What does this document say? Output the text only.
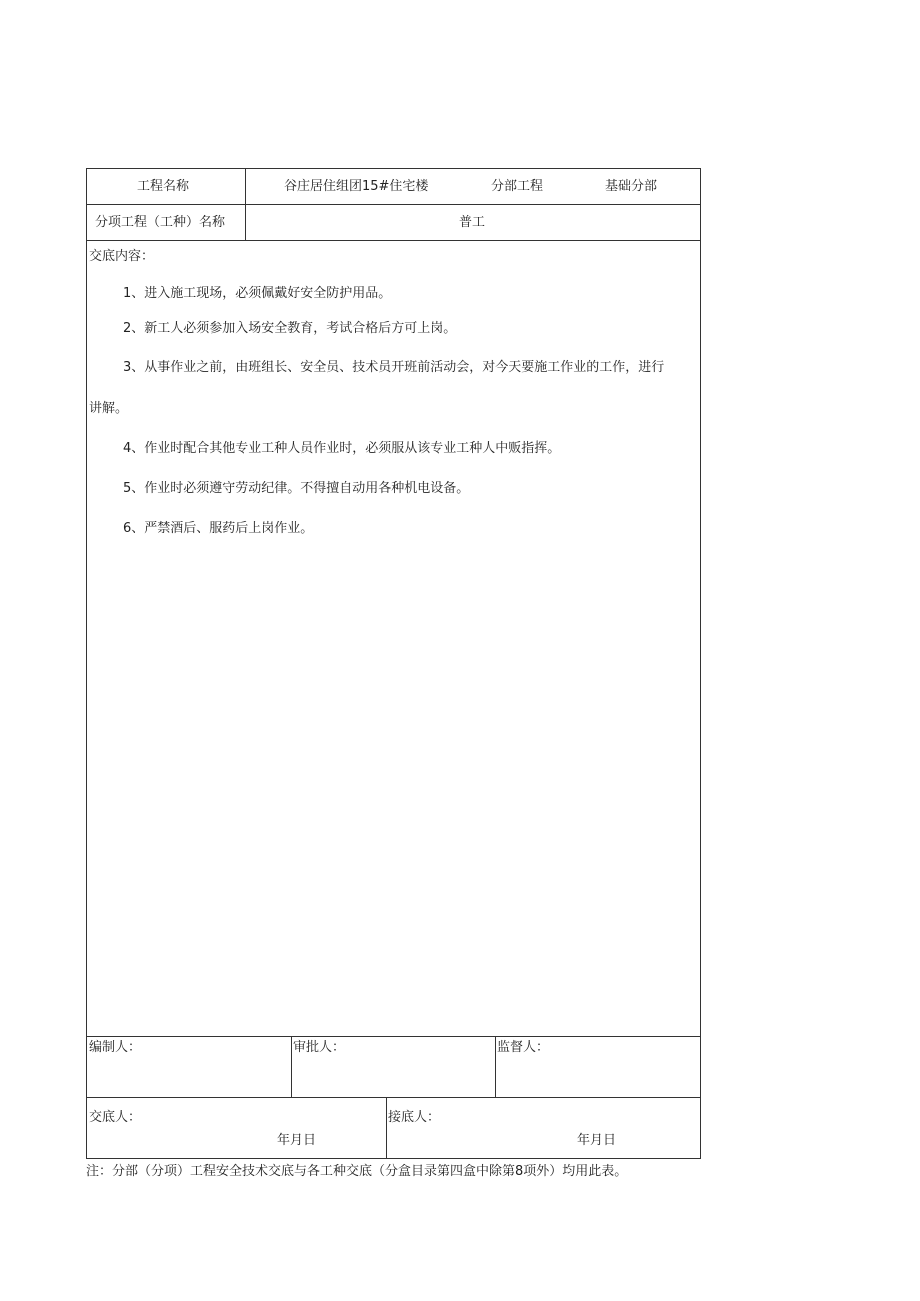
工程名称	谷庄居住组团15#住宅楼	分部工程	基础分部
分项工程（工种）名称	普工
交底内容：
1、进入施工现场，必须佩戴好安全防护用品。
2、新工人必须参加入场安全教育，考试合格后方可上岗。
3、从事作业之前，由班组长、安全员、技术员开班前活动会，对今天要施工作业的工作，进行
讲解。
4、作业时配合其他专业工种人员作业时，必须服从该专业工种人中贩指挥。
5、作业时必须遵守劳动纪律。不得擅自动用各种机电设备。
6、严禁酒后、服药后上岗作业。
编制人：	审批人：	监督人：
交底人：
年月日
接底人：
年月日
注：分部（分项）工程安全技术交底与各工种交底（分盒目录第四盒中除第8项外）均用此表。
